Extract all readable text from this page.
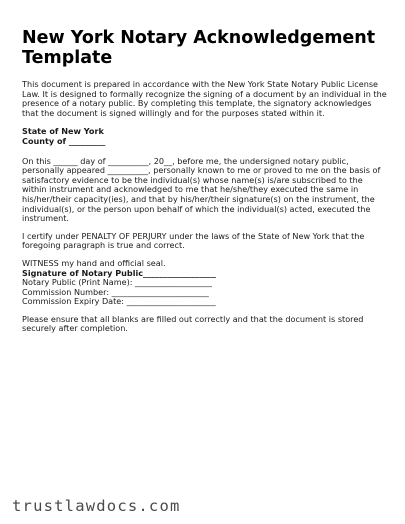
New York Notary Acknowledgement
Template

This document is prepared in accordance with the New York State Notary Public License Law. It is designed to formally recognize the signing of a document by an individual in the presence of a notary public. By completing this template, the signatory acknowledges that the document is signed willingly and for the purposes stated within it.

State of New York
County of _________

On this ______ day of __________, 20__, before me, the undersigned notary public, personally appeared __________, personally known to me or proved to me on the basis of satisfactory evidence to be the individual(s) whose name(s) is/are subscribed to the within instrument and acknowledged to me that he/she/they executed the same in his/her/their capacity(ies), and that by his/her/their signature(s) on the instrument, the individual(s), or the person upon behalf of which the individual(s) acted, executed the instrument.

I certify under PENALTY OF PERJURY under the laws of the State of New York that the foregoing paragraph is true and correct.

WITNESS my hand and official seal.
Signature of Notary Public__________________
Notary Public (Print Name): ___________________
Commission Number: ________________________
Commission Expiry Date: ______________________

Please ensure that all blanks are filled out correctly and that the document is stored securely after completion.

trustlawdocs.com
